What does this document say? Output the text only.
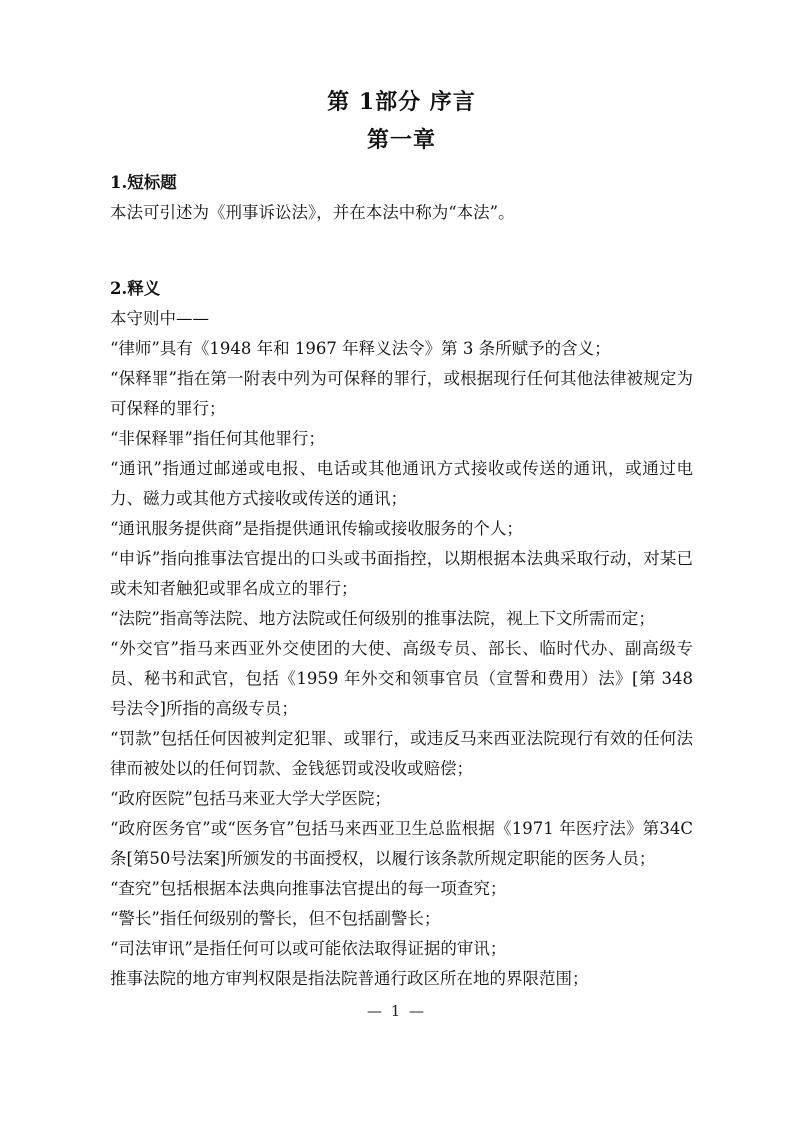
第 1部分 序言
第一章
1.短标题

本法可引述为《刑事诉讼法》，并在本法中称为“本法”。

2.释义

本守则中——

“律师”具有《1948 年和 1967 年释义法令》第 3 条所赋予的含义；

“保释罪”指在第一附表中列为可保释的罪行，或根据现行任何其他法律被规定为可保释的罪行；

“非保释罪”指任何其他罪行；

“通讯”指通过邮递或电报、电话或其他通讯方式接收或传送的通讯，或通过电力、磁力或其他方式接收或传送的通讯；

“通讯服务提供商”是指提供通讯传输或接收服务的个人；

“申诉”指向推事法官提出的口头或书面指控，以期根据本法典采取行动，对某已或未知者触犯或罪名成立的罪行；

“法院”指高等法院、地方法院或任何级别的推事法院，视上下文所需而定；

“外交官”指马来西亚外交使团的大使、高级专员、部长、临时代办、副高级专员、秘书和武官，包括《1959 年外交和领事官员（宣誓和费用）法》[第 348 号法令]所指的高级专员；

“罚款”包括任何因被判定犯罪、或罪行，或违反马来西亚法院现行有效的任何法律而被处以的任何罚款、金钱惩罚或没收或赔偿；

“政府医院”包括马来亚大学大学医院；

“政府医务官”或“医务官”包括马来西亚卫生总监根据《1971 年医疗法》第34C 条[第50号法案]所颁发的书面授权，以履行该条款所规定职能的医务人员；

“查究”包括根据本法典向推事法官提出的每一项查究；

“警长”指任何级别的警长，但不包括副警长；

“司法审讯”是指任何可以或可能依法取得证据的审讯；

推事法院的地方审判权限是指法院普通行政区所在地的界限范围；

— 1 —
